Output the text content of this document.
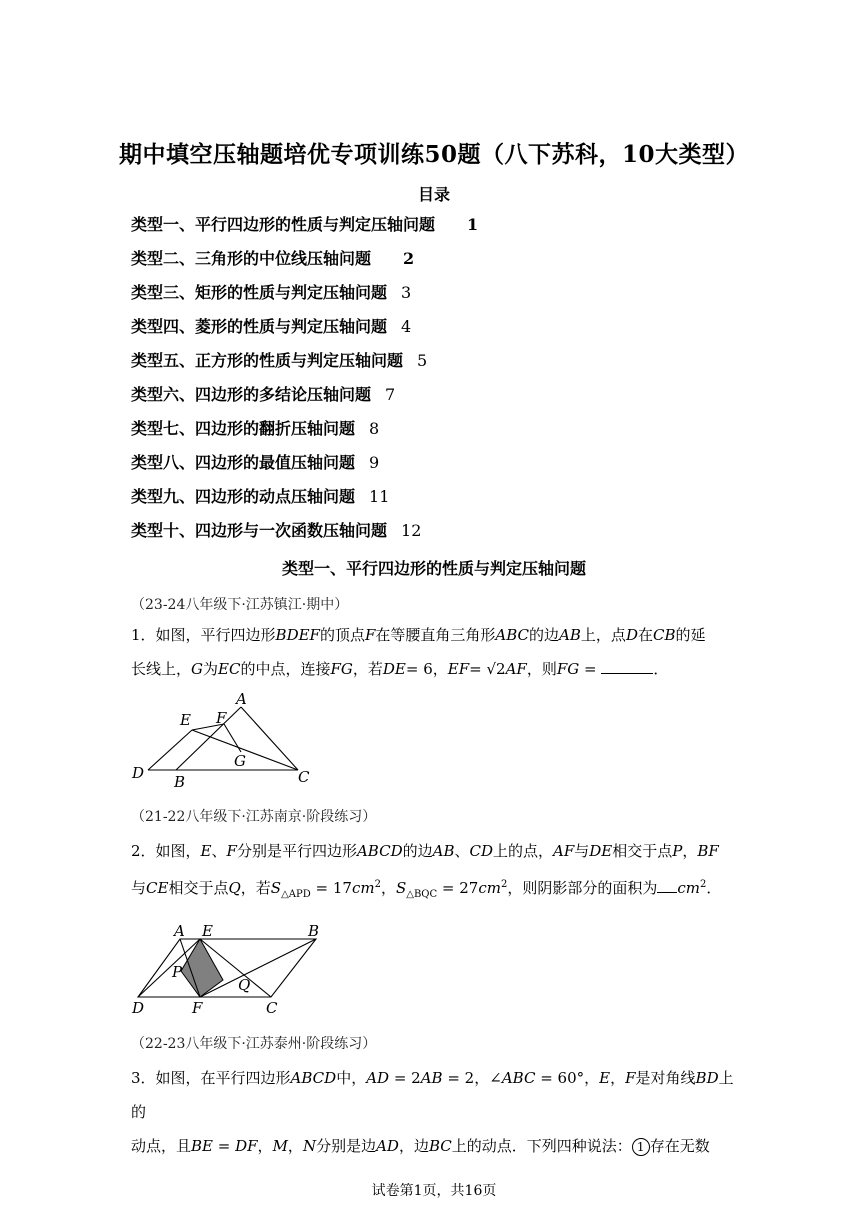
期中填空压轴题培优专项训练50题（八下苏科，10大类型）
目录
类型一、平行四边形的性质与判定压轴问题 1
类型二、三角形的中位线压轴问题 2
类型三、矩形的性质与判定压轴问题 3
类型四、菱形的性质与判定压轴问题 4
类型五、正方形的性质与判定压轴问题 5
类型六、四边形的多结论压轴问题 7
类型七、四边形的翻折压轴问题 8
类型八、四边形的最值压轴问题 9
类型九、四边形的动点压轴问题 11
类型十、四边形与一次函数压轴问题 12
类型一、平行四边形的性质与判定压轴问题
（23-24八年级下·江苏镇江·期中）
1．如图，平行四边形BDEF的顶点F在等腰直角三角形ABC的边AB上，点D在CB的延
长线上，G为EC的中点，连接FG，若DE= 6，EF= √2AF，则FG =	．
A
E F
G
D B	C
（21-22八年级下·江苏南京·阶段练习）
2．如图，E、F分别是平行四边形ABCD的边AB、CD上的点，AF与DE相交于点P，BF
与CE相交于点Q，若$S_{\triangle APD} = 17cm^2$，$S_{\triangle BQC} = 27cm^2$，则阴影部分的面积为 $cm^2$．
A E	B
P
Q
D	F	C
（22-23八年级下·江苏泰州·阶段练习）
3．如图，在平行四边形ABCD中，AD = 2AB = 2，∠ABC = 60°，E，F是对角线BD上的
动点，且BE = DF，M，N分别是边AD，边BC上的动点．下列四种说法： 1 存在无数
试卷第1页，共16页
